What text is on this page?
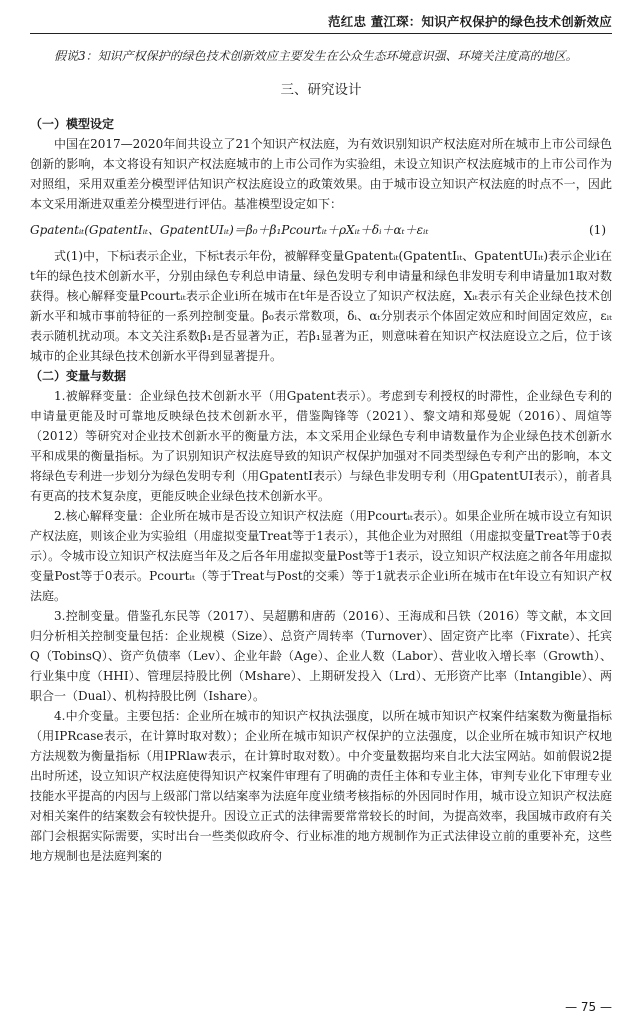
范红忠 董江琛：知识产权保护的绿色技术创新效应

假说3：知识产权保护的绿色技术创新效应主要发生在公众生态环境意识强、环境关注度高的地区。

三、研究设计
（一）模型设定

中国在2017—2020年间共设立了21个知识产权法庭，为有效识别知识产权法庭对所在城市上市公司绿色创新的影响，本文将设有知识产权法庭城市的上市公司作为实验组，未设立知识产权法庭城市的上市公司作为对照组，采用双重差分模型评估知识产权法庭设立的政策效果。由于城市设立知识产权法庭的时点不一，因此本文采用渐进双重差分模型进行评估。基准模型设定如下：

Gpatentᵢₜ(GpatentIᵢₜ、GpatentUIᵢₜ)＝β₀＋β₁Pcourtᵢₜ＋ρXᵢₜ＋δᵢ＋αₜ＋εᵢₜ	(1)

式(1)中，下标i表示企业，下标t表示年份，被解释变量Gpatentᵢₜ(GpatentIᵢₜ、GpatentUIᵢₜ)表示企业i在t年的绿色技术创新水平，分别由绿色专利总申请量、绿色发明专利申请量和绿色非发明专利申请量加1取对数获得。核心解释变量Pcourtᵢₜ表示企业i所在城市在t年是否设立了知识产权法庭，Xᵢₜ表示有关企业绿色技术创新水平和城市事前特征的一系列控制变量。β₀表示常数项，δᵢ、αₜ分别表示个体固定效应和时间固定效应，εᵢₜ表示随机扰动项。本文关注系数β₁是否显著为正，若β₁显著为正，则意味着在知识产权法庭设立之后，位于该城市的企业其绿色技术创新水平得到显著提升。

（二）变量与数据

1.被解释变量：企业绿色技术创新水平（用Gpatent表示）。考虑到专利授权的时滞性，企业绿色专利的申请量更能及时可靠地反映绿色技术创新水平，借鉴陶锋等（2021）、黎文靖和郑曼妮（2016）、周煊等（2012）等研究对企业技术创新水平的衡量方法，本文采用企业绿色专利申请数量作为企业绿色技术创新水平和成果的衡量指标。为了识别知识产权法庭导致的知识产权保护加强对不同类型绿色专利产出的影响，本文将绿色专利进一步划分为绿色发明专利（用GpatentI表示）与绿色非发明专利（用GpatentUI表示），前者具有更高的技术复杂度，更能反映企业绿色技术创新水平。

2.核心解释变量：企业所在城市是否设立知识产权法庭（用Pcourtᵢₜ表示）。如果企业所在城市设立有知识产权法庭，则该企业为实验组（用虚拟变量Treat等于1表示），其他企业为对照组（用虚拟变量Treat等于0表示）。令城市设立知识产权法庭当年及之后各年用虚拟变量Post等于1表示，设立知识产权法庭之前各年用虚拟变量Post等于0表示。Pcourtᵢₜ（等于Treat与Post的交乘）等于1就表示企业i所在城市在t年设立有知识产权法庭。

3.控制变量。借鉴孔东民等（2017）、吴超鹏和唐菂（2016）、王海成和吕铁（2016）等文献，本文回归分析相关控制变量包括：企业规模（Size）、总资产周转率（Turnover）、固定资产比率（Fixrate）、托宾Q（TobinsQ）、资产负债率（Lev）、企业年龄（Age）、企业人数（Labor）、营业收入增长率（Growth）、行业集中度（HHI）、管理层持股比例（Mshare）、上期研发投入（Lrd）、无形资产比率（Intangible）、两职合一（Dual）、机构持股比例（Ishare）。

4.中介变量。主要包括：企业所在城市的知识产权执法强度，以所在城市知识产权案件结案数为衡量指标（用IPRcase表示，在计算时取对数）；企业所在城市知识产权保护的立法强度，以企业所在城市知识产权地方法规数为衡量指标（用IPRlaw表示，在计算时取对数）。中介变量数据均来自北大法宝网站。如前假说2提出时所述，设立知识产权法庭使得知识产权案件审理有了明确的责任主体和专业主体，审判专业化下审理专业技能水平提高的内因与上级部门常以结案率为法庭年度业绩考核指标的外因同时作用，城市设立知识产权法庭对相关案件的结案数会有较快提升。因设立正式的法律需要常常较长的时间，为提高效率，我国城市政府有关部门会根据实际需要，实时出台一些类似政府令、行业标准的地方规制作为正式法律设立前的重要补充，这些地方规制也是法庭判案的

— 75 —
